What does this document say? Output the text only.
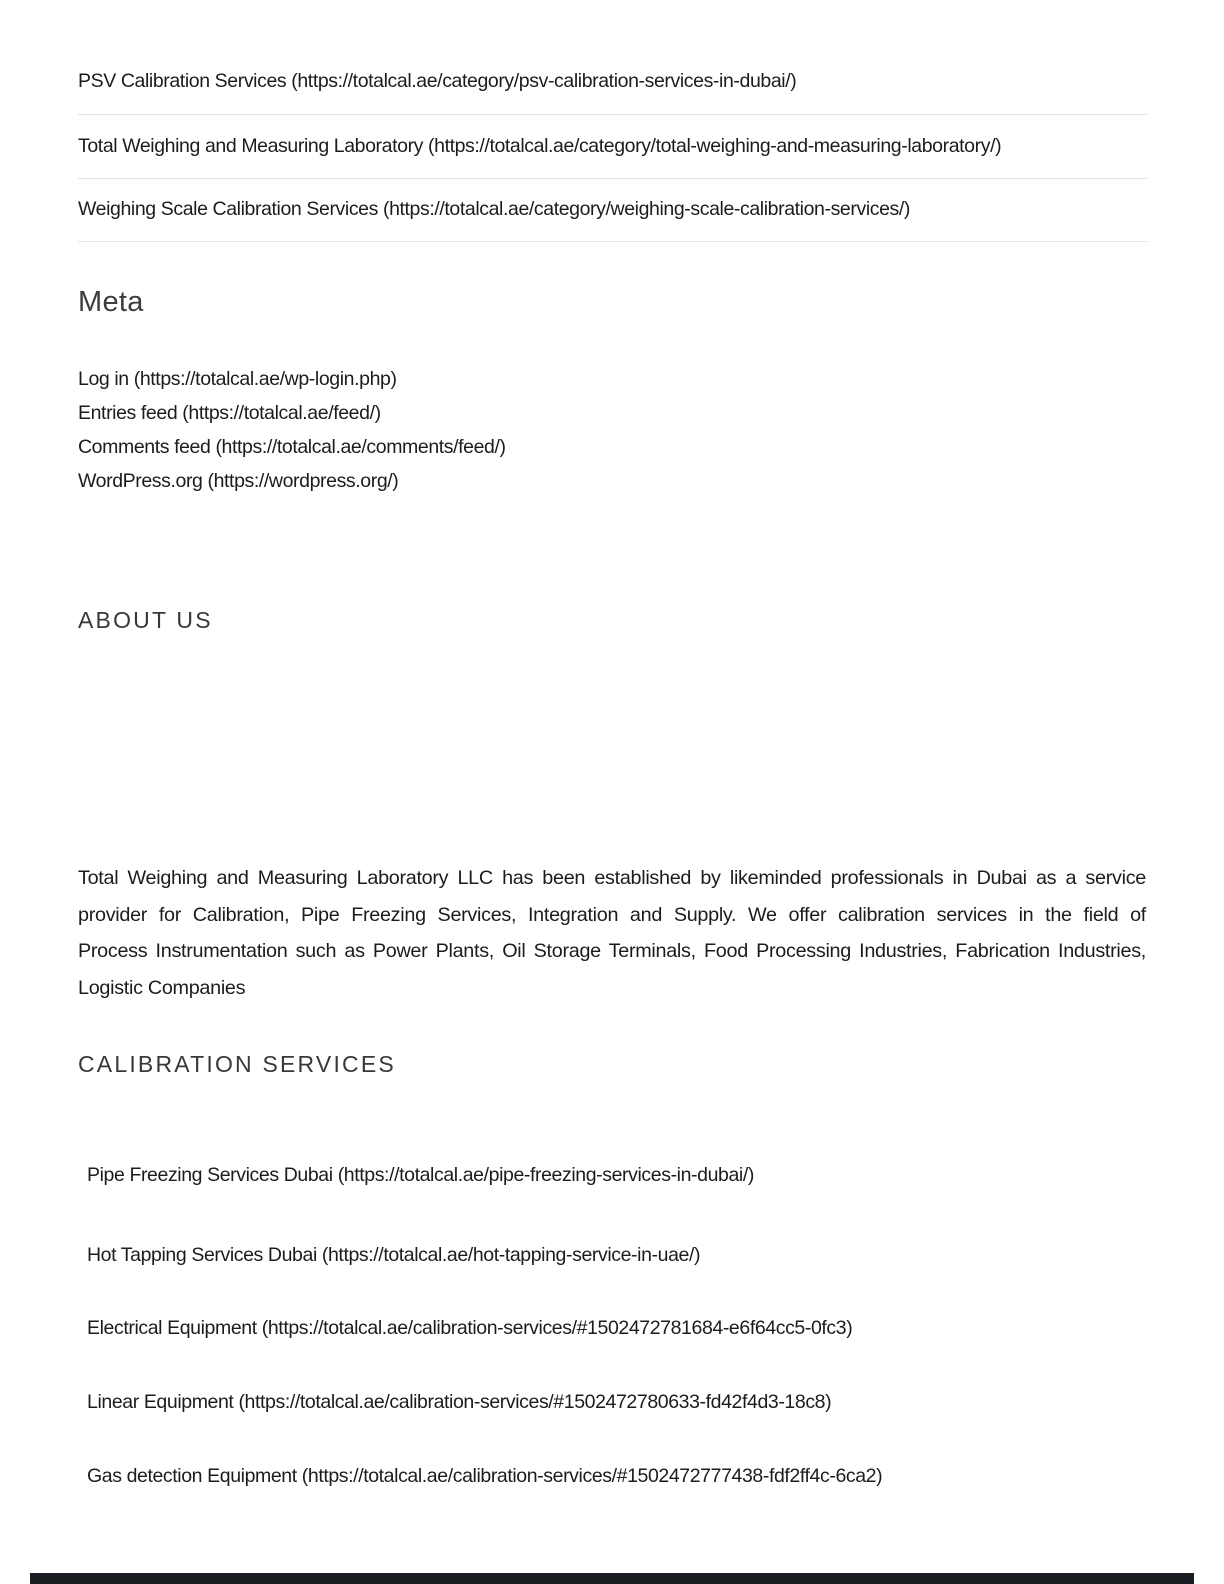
PSV Calibration Services (https://totalcal.ae/category/psv-calibration-services-in-dubai/)
Total Weighing and Measuring Laboratory (https://totalcal.ae/category/total-weighing-and-measuring-laboratory/)
Weighing Scale Calibration Services (https://totalcal.ae/category/weighing-scale-calibration-services/)
Meta
Log in (https://totalcal.ae/wp-login.php)
Entries feed (https://totalcal.ae/feed/)
Comments feed (https://totalcal.ae/comments/feed/)
WordPress.org (https://wordpress.org/)
ABOUT US
Total Weighing and Measuring Laboratory LLC has been established by likeminded professionals in Dubai as a service
provider for Calibration, Pipe Freezing Services, Integration and Supply. We offer calibration services in the field of
Process Instrumentation such as Power Plants, Oil Storage Terminals, Food Processing Industries, Fabrication Industries,
Logistic Companies
CALIBRATION SERVICES
Pipe Freezing Services Dubai (https://totalcal.ae/pipe-freezing-services-in-dubai/)
Hot Tapping Services Dubai (https://totalcal.ae/hot-tapping-service-in-uae/)
Electrical Equipment (https://totalcal.ae/calibration-services/#1502472781684-e6f64cc5-0fc3)
Linear Equipment (https://totalcal.ae/calibration-services/#1502472780633-fd42f4d3-18c8)
Gas detection Equipment (https://totalcal.ae/calibration-services/#1502472777438-fdf2ff4c-6ca2)
